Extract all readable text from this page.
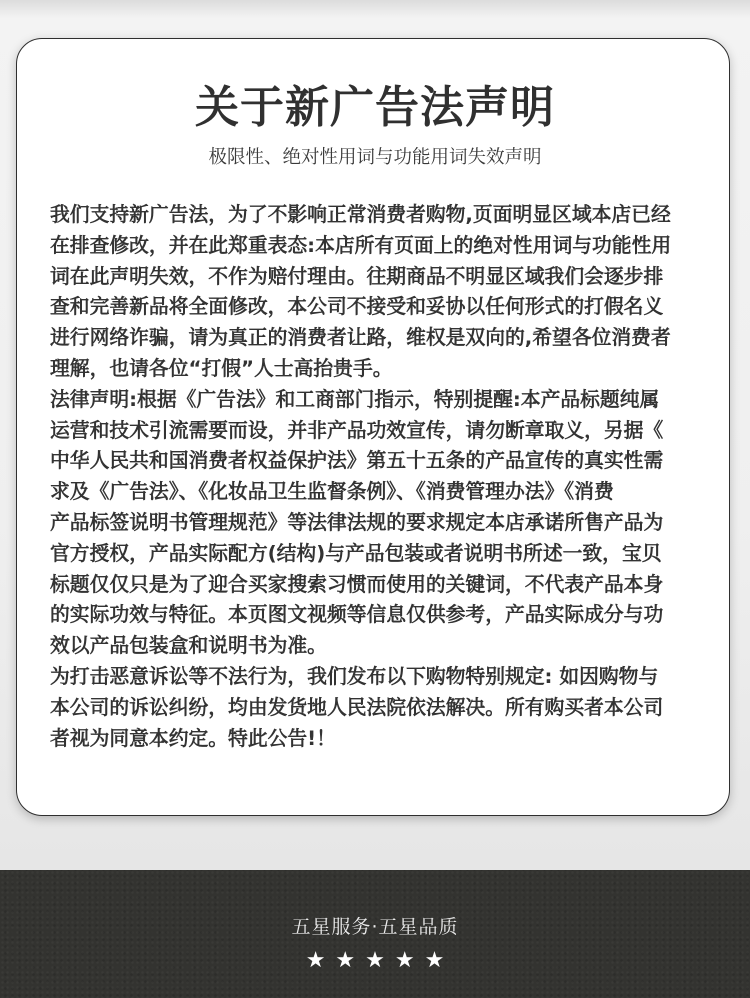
关于新广告法声明
极限性、绝对性用词与功能用词失效声明
我们支持新广告法，为了不影响正常消费者购物,页面明显区域本店已经
在排查修改，并在此郑重表态:本店所有页面上的绝对性用词与功能性用
词在此声明失效，不作为赔付理由。往期商品不明显区域我们会逐步排
查和完善新品将全面修改，本公司不接受和妥协以任何形式的打假名义
进行网络诈骗，请为真正的消费者让路，维权是双向的,希望各位消费者
理解，也请各位“打假”人士高抬贵手。
法律声明:根据《广告法》和工商部门指示，特别提醒:本产品标题纯属
运营和技术引流需要而设，并非产品功效宣传，请勿断章取义，另据《
中华人民共和国消费者权益保护法》第五十五条的产品宣传的真实性需
求及《广告法》、《化妆品卫生监督条例》、《消费管理办法》《消费
产品标签说明书管理规范》等法律法规的要求规定本店承诺所售产品为
官方授权，产品实际配方(结构)与产品包装或者说明书所述一致，宝贝
标题仅仅只是为了迎合买家搜索习惯而使用的关键词，不代表产品本身
的实际功效与特征。本页图文视频等信息仅供参考，产品实际成分与功
效以产品包装盒和说明书为准。
为打击恶意诉讼等不法行为，我们发布以下购物特别规定: 如因购物与
本公司的诉讼纠纷，均由发货地人民法院依法解决。所有购买者本公司
者视为同意本约定。特此公告!！
五星服务·五星品质
★★★★★
